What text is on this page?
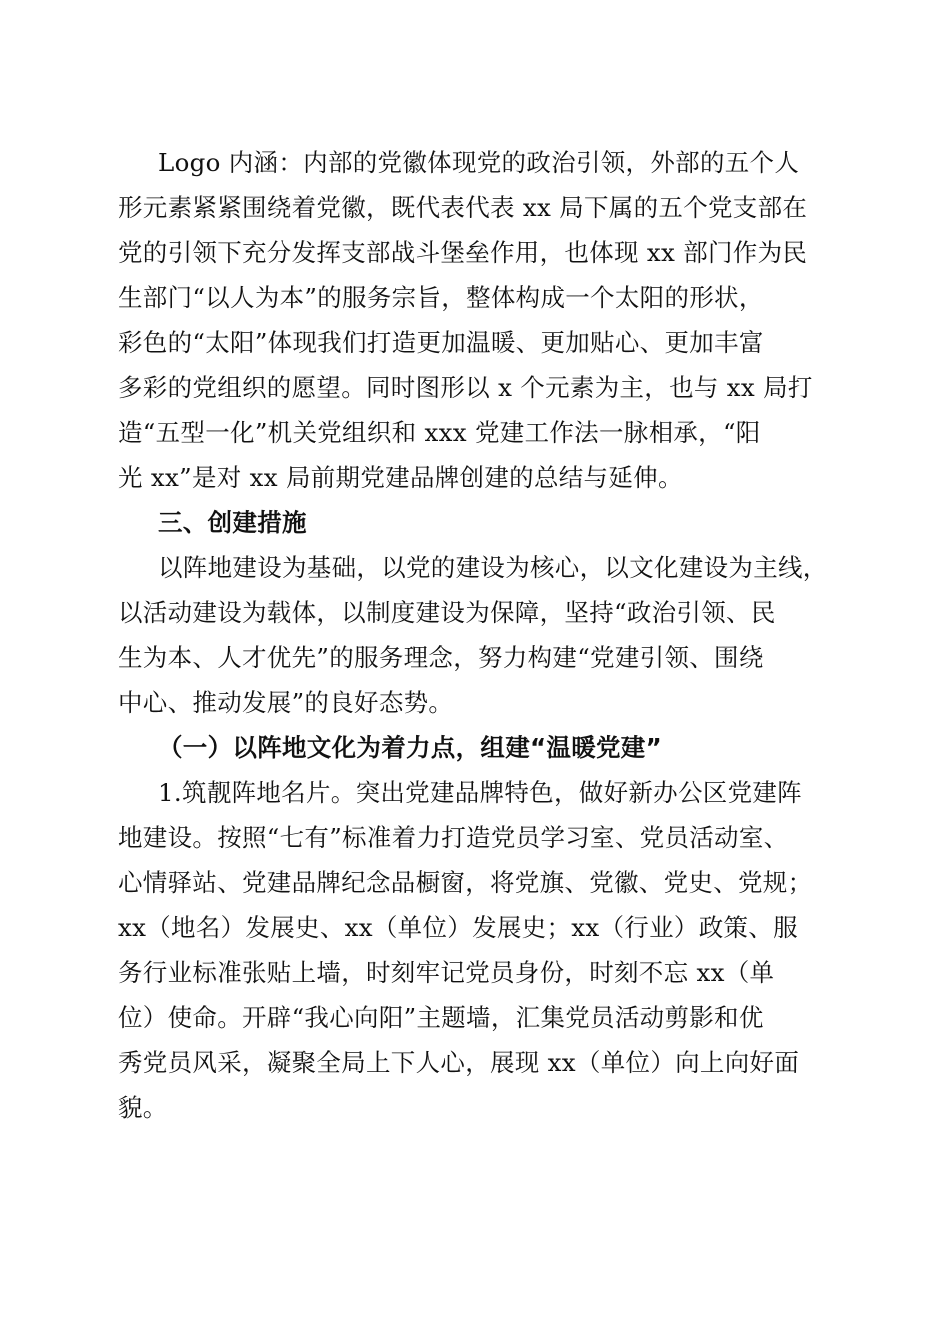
Logo 内涵：内部的党徽体现党的政治引领，外部的五个人
形元素紧紧围绕着党徽，既代表代表 xx 局下属的五个党支部在
党的引领下充分发挥支部战斗堡垒作用，也体现 xx 部门作为民
生部门“以人为本”的服务宗旨，整体构成一个太阳的形状，
彩色的“太阳”体现我们打造更加温暖、更加贴心、更加丰富
多彩的党组织的愿望。同时图形以 x 个元素为主，也与 xx 局打
造“五型一化”机关党组织和 xxx 党建工作法一脉相承，“阳
光 xx”是对 xx 局前期党建品牌创建的总结与延伸。
三、创建措施
以阵地建设为基础，以党的建设为核心，以文化建设为主线，
以活动建设为载体，以制度建设为保障，坚持“政治引领、民
生为本、人才优先”的服务理念，努力构建“党建引领、围绕
中心、推动发展”的良好态势。
（一）以阵地文化为着力点，组建“温暖党建”
1.筑靓阵地名片。突出党建品牌特色，做好新办公区党建阵
地建设。按照“七有”标准着力打造党员学习室、党员活动室、
心情驿站、党建品牌纪念品橱窗，将党旗、党徽、党史、党规；
xx（地名）发展史、xx（单位）发展史；xx（行业）政策、服
务行业标准张贴上墙，时刻牢记党员身份，时刻不忘 xx（单
位）使命。开辟“我心向阳”主题墙，汇集党员活动剪影和优
秀党员风采，凝聚全局上下人心，展现 xx（单位）向上向好面
貌。
